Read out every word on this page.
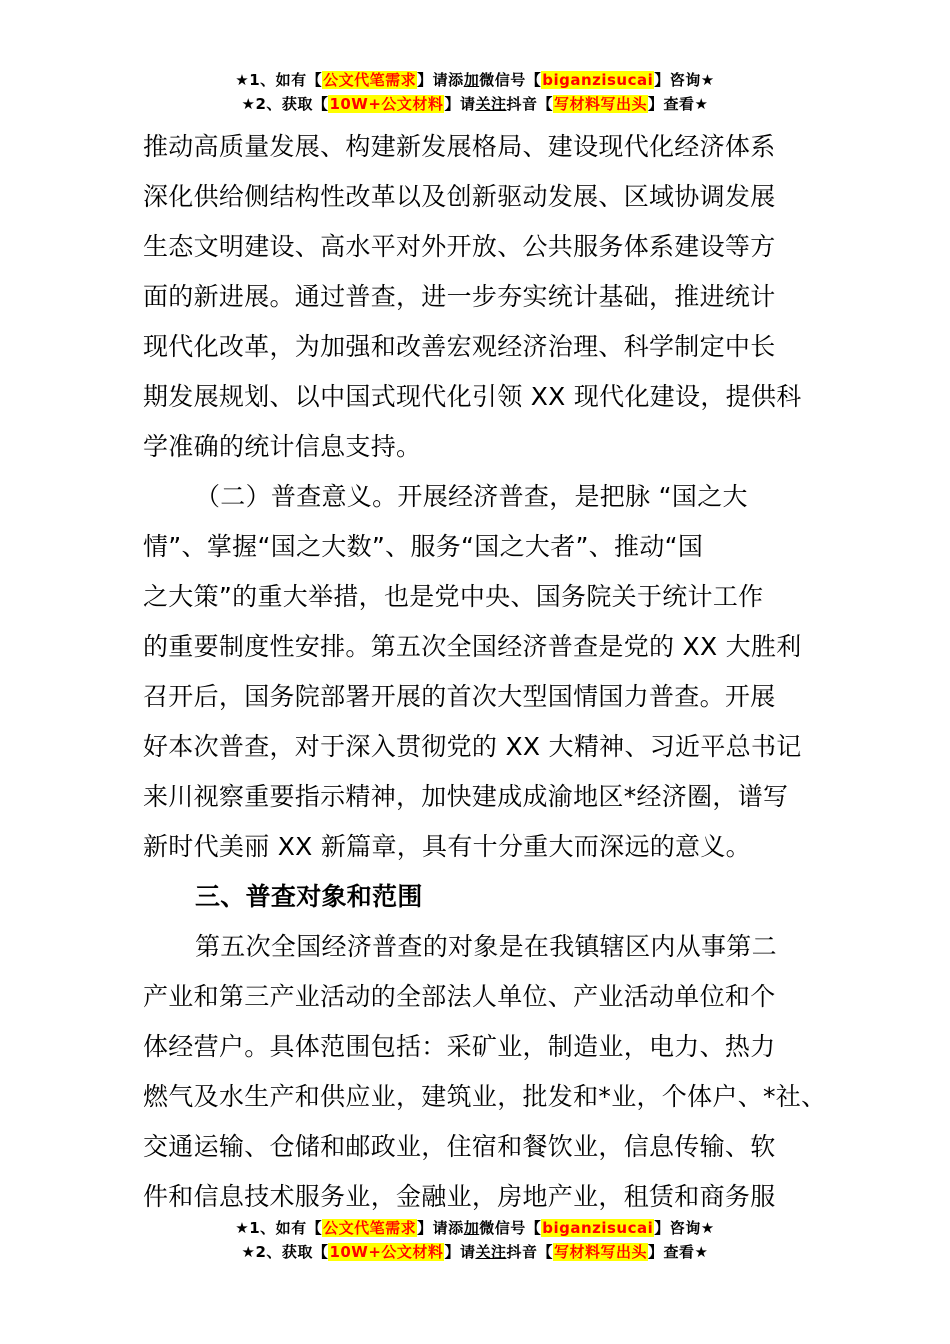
★1、如有【公文代笔需求】请添加微信号【biganzisucai】咨询★
★2、获取【10W+公文材料】请关注抖音【写材料写出头】查看★

推动高质量发展、构建新发展格局、建设现代化经济体系

深化供给侧结构性改革以及创新驱动发展、区域协调发展

生态文明建设、高水平对外开放、公共服务体系建设等方

面的新进展。通过普查，进一步夯实统计基础，推进统计

现代化改革，为加强和改善宏观经济治理、科学制定中长

期发展规划、以中国式现代化引领 XX 现代化建设，提供科

学准确的统计信息支持。

（二）普查意义。开展经济普查，是把脉 “国之大

情”、掌握“国之大数”、服务“国之大者”、推动“国

之大策”的重大举措，也是党中央、国务院关于统计工作

的重要制度性安排。第五次全国经济普查是党的 XX 大胜利

召开后，国务院部署开展的首次大型国情国力普查。开展

好本次普查，对于深入贯彻党的 XX 大精神、习近平总书记

来川视察重要指示精神，加快建成成渝地区*经济圈，谱写

新时代美丽 XX 新篇章，具有十分重大而深远的意义。

三、普查对象和范围

第五次全国经济普查的对象是在我镇辖区内从事第二

产业和第三产业活动的全部法人单位、产业活动单位和个

体经营户。具体范围包括：采矿业，制造业，电力、热力

燃气及水生产和供应业，建筑业，批发和*业，个体户、*社、

交通运输、仓储和邮政业，住宿和餐饮业，信息传输、软

件和信息技术服务业，金融业，房地产业，租赁和商务服

★1、如有【公文代笔需求】请添加微信号【biganzisucai】咨询★
★2、获取【10W+公文材料】请关注抖音【写材料写出头】查看★
